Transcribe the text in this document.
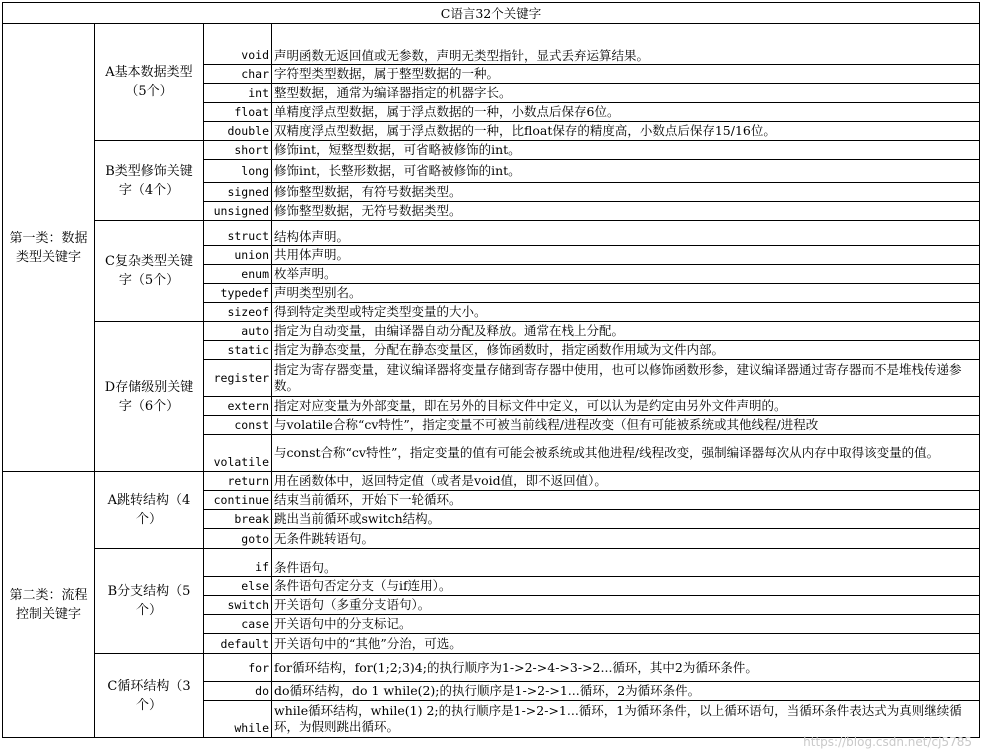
C语言32个关键字			
第一类：数据类型关键字	A基本数据类型（5个）	void	声明函数无返回值或无参数，声明无类型指针，显式丢弃运算结果。
		char	字符型类型数据，属于整型数据的一种。
		int	整型数据，通常为编译器指定的机器字长。
		float	单精度浮点型数据，属于浮点数据的一种，小数点后保存6位。
		double	双精度浮点型数据，属于浮点数据的一种，比float保存的精度高，小数点后保存15/16位。
	B类型修饰关键字（4个）	short	修饰int，短整型数据，可省略被修饰的int。
		long	修饰int，长整形数据，可省略被修饰的int。
		signed	修饰整型数据，有符号数据类型。
		unsigned	修饰整型数据，无符号数据类型。
	C复杂类型关键字（5个）	struct	结构体声明。
		union	共用体声明。
		enum	枚举声明。
		typedef	声明类型别名。
		sizeof	得到特定类型或特定类型变量的大小。
	D存储级别关键字（6个）	auto	指定为自动变量，由编译器自动分配及释放。通常在栈上分配。
		static	指定为静态变量，分配在静态变量区，修饰函数时，指定函数作用域为文件内部。
		register	指定为寄存器变量，建议编译器将变量存储到寄存器中使用，也可以修饰函数形参，建议编译器通过寄存器而不是堆栈传递参数。
		extern	指定对应变量为外部变量，即在另外的目标文件中定义，可以认为是约定由另外文件声明的。
		const	与volatile合称“cv特性”，指定变量不可被当前线程/进程改变（但有可能被系统或其他线程/进程改
		volatile	与const合称“cv特性”，指定变量的值有可能会被系统或其他进程/线程改变，强制编译器每次从内存中取得该变量的值。
第二类：流程控制关键字	A跳转结构（4个）	return	用在函数体中，返回特定值（或者是void值，即不返回值）。
		continue	结束当前循环，开始下一轮循环。
		break	跳出当前循环或switch结构。
		goto	无条件跳转语句。
	B分支结构（5个）	if	条件语句。
		else	条件语句否定分支（与if连用）。
		switch	开关语句（多重分支语句）。
		case	开关语句中的分支标记。
		default	开关语句中的“其他”分治，可选。
	C循环结构（3个）	for	for循环结构，for(1;2;3)4;的执行顺序为1->2->4->3->2...循环，其中2为循环条件。
		do	do循环结构，do 1 while(2);的执行顺序是1->2->1...循环，2为循环条件。
		while	while循环结构，while(1) 2;的执行顺序是1->2->1...循环，1为循环条件，以上循环语句，当循环条件表达式为真则继续循环，为假则跳出循环。
https://blog.csdn.net/cj5785
